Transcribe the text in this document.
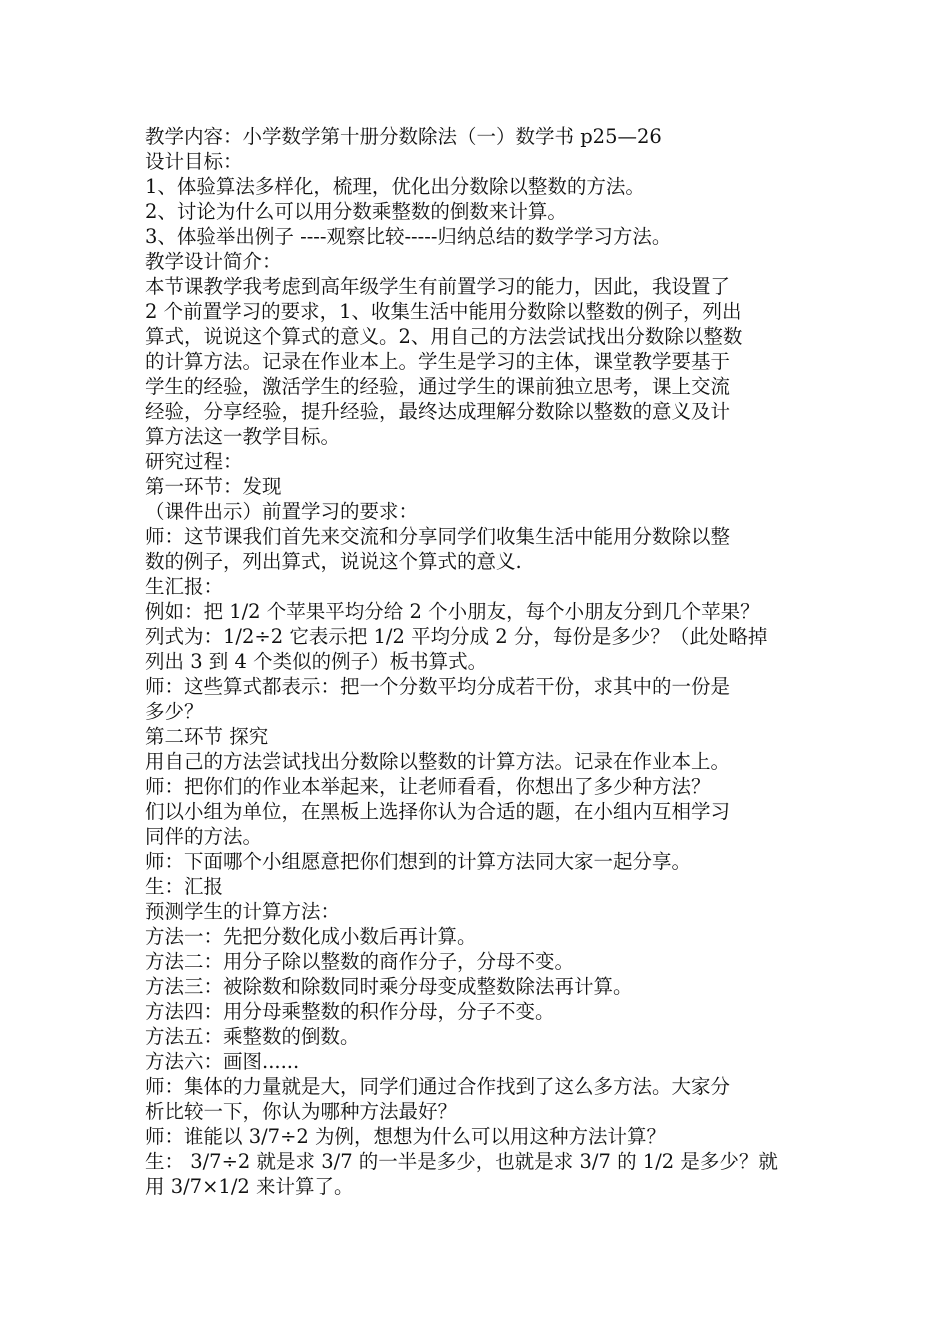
教学内容：小学数学第十册分数除法（一）数学书 p25—26
设计目标：
1、体验算法多样化，梳理，优化出分数除以整数的方法。
2、讨论为什么可以用分数乘整数的倒数来计算。
3、体验举出例子 ----观察比较-----归纳总结的数学学习方法。
教学设计简介：
本节课教学我考虑到高年级学生有前置学习的能力，因此，我设置了
2 个前置学习的要求，1、收集生活中能用分数除以整数的例子，列出
算式，说说这个算式的意义。2、用自己的方法尝试找出分数除以整数
的计算方法。记录在作业本上。学生是学习的主体，课堂教学要基于
学生的经验，激活学生的经验，通过学生的课前独立思考，课上交流
经验，分享经验，提升经验，最终达成理解分数除以整数的意义及计
算方法这一教学目标。
研究过程：
第一环节：发现
（课件出示）前置学习的要求：
师：这节课我们首先来交流和分享同学们收集生活中能用分数除以整
数的例子，列出算式，说说这个算式的意义.
生汇报：
例如：把 1/2 个苹果平均分给 2 个小朋友，每个小朋友分到几个苹果？
列式为：1/2÷2 它表示把 1/2 平均分成 2 分，每份是多少？（此处略掉
列出 3 到 4 个类似的例子）板书算式。
师：这些算式都表示：把一个分数平均分成若干份，求其中的一份是
多少？
第二环节 探究
用自己的方法尝试找出分数除以整数的计算方法。记录在作业本上。
师：把你们的作业本举起来，让老师看看，你想出了多少种方法？
们以小组为单位，在黑板上选择你认为合适的题，在小组内互相学习
同伴的方法。
师：下面哪个小组愿意把你们想到的计算方法同大家一起分享。
生：汇报
预测学生的计算方法：
方法一：先把分数化成小数后再计算。
方法二：用分子除以整数的商作分子，分母不变。
方法三：被除数和除数同时乘分母变成整数除法再计算。
方法四：用分母乘整数的积作分母，分子不变。
方法五：乘整数的倒数。
方法六：画图......
师：集体的力量就是大，同学们通过合作找到了这么多方法。大家分
析比较一下，你认为哪种方法最好？
师：谁能以 3/7÷2 为例，想想为什么可以用这种方法计算？
生： 3/7÷2 就是求 3/7 的一半是多少，也就是求 3/7 的 1/2 是多少？就
用 3/7×1/2 来计算了。
